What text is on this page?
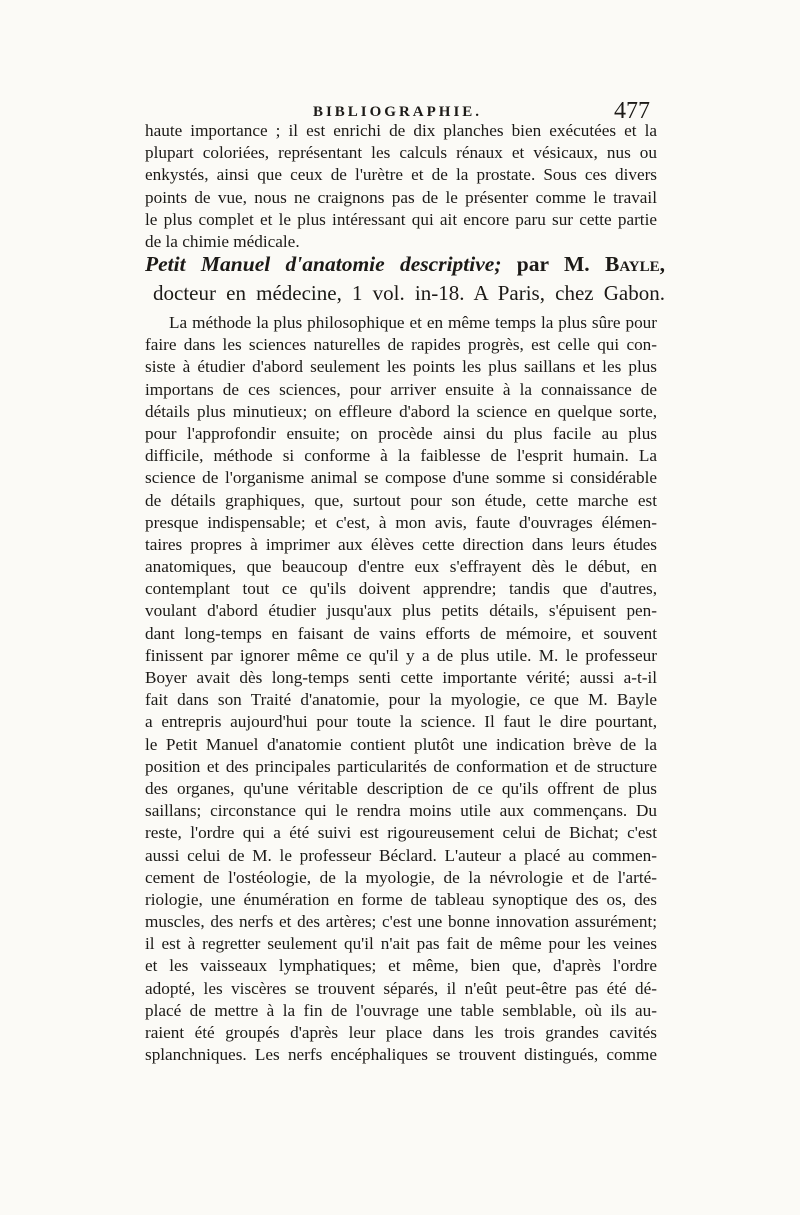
BIBLIOGRAPHIE.	477
haute importance ; il est enrichi de dix planches bien exécutées et la
plupart coloriées, représentant les calculs rénaux et vésicaux, nus ou
enkystés, ainsi que ceux de l'urètre et de la prostate. Sous ces divers
points de vue, nous ne craignons pas de le présenter comme le travail
le plus complet et le plus intéressant qui ait encore paru sur cette partie
de la chimie médicale.
Petit Manuel d'anatomie descriptive; par M. Bayle,
docteur en médecine, 1 vol. in-18. A Paris, chez Gabon.
La méthode la plus philosophique et en même temps la plus sûre pour
faire dans les sciences naturelles de rapides progrès, est celle qui con-
siste à étudier d'abord seulement les points les plus saillans et les plus
importans de ces sciences, pour arriver ensuite à la connaissance de
détails plus minutieux; on effleure d'abord la science en quelque sorte,
pour l'approfondir ensuite; on procède ainsi du plus facile au plus
difficile, méthode si conforme à la faiblesse de l'esprit humain. La
science de l'organisme animal se compose d'une somme si considérable
de détails graphiques, que, surtout pour son étude, cette marche est
presque indispensable; et c'est, à mon avis, faute d'ouvrages élémen-
taires propres à imprimer aux élèves cette direction dans leurs études
anatomiques, que beaucoup d'entre eux s'effrayent dès le début, en
contemplant tout ce qu'ils doivent apprendre; tandis que d'autres,
voulant d'abord étudier jusqu'aux plus petits détails, s'épuisent pen-
dant long-temps en faisant de vains efforts de mémoire, et souvent
finissent par ignorer même ce qu'il y a de plus utile. M. le professeur
Boyer avait dès long-temps senti cette importante vérité; aussi a-t-il
fait dans son Traité d'anatomie, pour la myologie, ce que M. Bayle
a entrepris aujourd'hui pour toute la science. Il faut le dire pourtant,
le Petit Manuel d'anatomie contient plutôt une indication brève de la
position et des principales particularités de conformation et de structure
des organes, qu'une véritable description de ce qu'ils offrent de plus
saillans; circonstance qui le rendra moins utile aux commençans. Du
reste, l'ordre qui a été suivi est rigoureusement celui de Bichat; c'est
aussi celui de M. le professeur Béclard. L'auteur a placé au commen-
cement de l'ostéologie, de la myologie, de la névrologie et de l'arté-
riologie, une énumération en forme de tableau synoptique des os, des
muscles, des nerfs et des artères; c'est une bonne innovation assurément;
il est à regretter seulement qu'il n'ait pas fait de même pour les veines
et les vaisseaux lymphatiques; et même, bien que, d'après l'ordre
adopté, les viscères se trouvent séparés, il n'eût peut-être pas été dé-
placé de mettre à la fin de l'ouvrage une table semblable, où ils au-
raient été groupés d'après leur place dans les trois grandes cavités
splanchniques. Les nerfs encéphaliques se trouvent distingués, comme
